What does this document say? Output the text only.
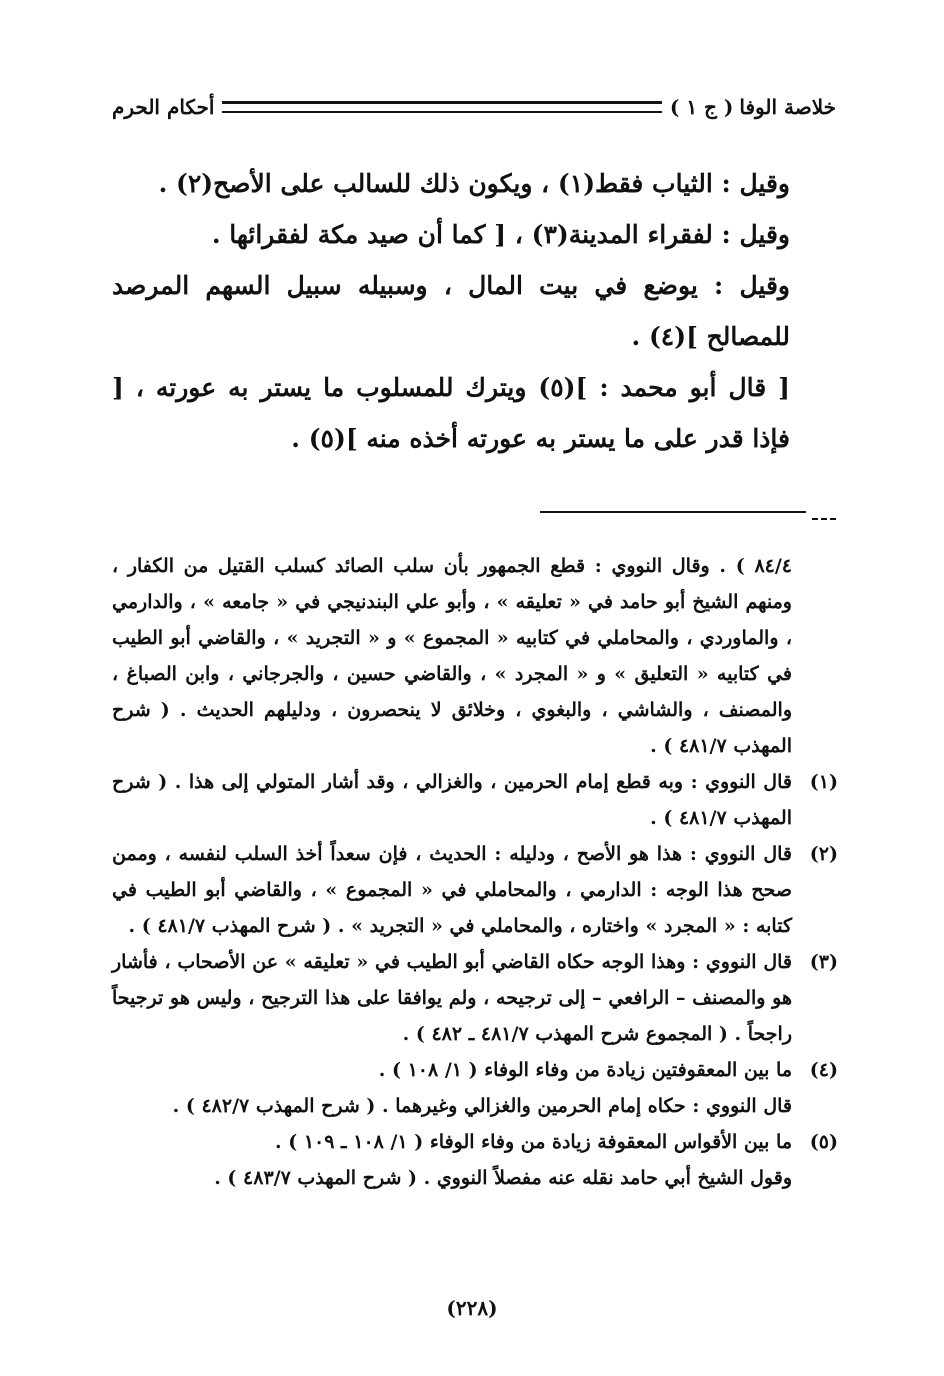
خلاصة الوفا
( ج ١ )
أحكام الحرم

وقيل : الثياب فقط(١) ، ويكون ذلك للسالب على الأصح(٢) .

وقيل : لفقراء المدينة(٣) ، [ كما أن صيد مكة لفقرائها .

وقيل : يوضع في بيت المال ، وسبيله سبيل السهم المرصد للمصالح ](٤) .

[ قال أبو محمد : ](٥) ويترك للمسلوب ما يستر به عورته ، [ فإذا قدر على ما يستر به عورته أخذه منه ](٥) .

٨٤/٤ ) . وقال النووي : قطع الجمهور بأن سلب الصائد كسلب القتيل من الكفار ، ومنهم الشيخ أبو حامد في « تعليقه » ، وأبو علي البندنيجي في « جامعه » ، والدارمي ، والماوردي ، والمحاملي في كتابيه « المجموع » و « التجريد » ، والقاضي أبو الطيب في كتابيه « التعليق » و « المجرد » ، والقاضي حسين ، والجرجاني ، وابن الصباغ ، والمصنف ، والشاشي ، والبغوي ، وخلائق لا ينحصرون ، ودليلهم الحديث . ( شرح المهذب ٤٨١/٧ ) .
(١)
قال النووي : وبه قطع إمام الحرمين ، والغزالي ، وقد أشار المتولي إلى هذا . ( شرح المهذب ٤٨١/٧ ) .
(٢)
قال النووي : هذا هو الأصح ، ودليله : الحديث ، فإن سعداً أخذ السلب لنفسه ، وممن صحح هذا الوجه : الدارمي ، والمحاملي في « المجموع » ، والقاضي أبو الطيب في كتابه : « المجرد » واختاره ، والمحاملي في « التجريد » . ( شرح المهذب ٤٨١/٧ ) .
(٣)
قال النووي : وهذا الوجه حكاه القاضي أبو الطيب في « تعليقه » عن الأصحاب ، فأشار هو والمصنف – الرافعي – إلى ترجيحه ، ولم يوافقا على هذا الترجيح ، وليس هو ترجيحاً راجحاً . ( المجموع شرح المهذب ٤٨١/٧ ـ ٤٨٢ ) .
(٤)
ما بين المعقوفتين زيادة من وفاء الوفاء ( ١/ ١٠٨ ) .
قال النووي : حكاه إمام الحرمين والغزالي وغيرهما . ( شرح المهذب ٤٨٢/٧ ) .
(٥)
ما بين الأقواس المعقوفة زيادة من وفاء الوفاء ( ١/ ١٠٨ ـ ١٠٩ ) .
وقول الشيخ أبي حامد نقله عنه مفصلاً النووي . ( شرح المهذب ٤٨٣/٧ ) .
(٢٢٨)
